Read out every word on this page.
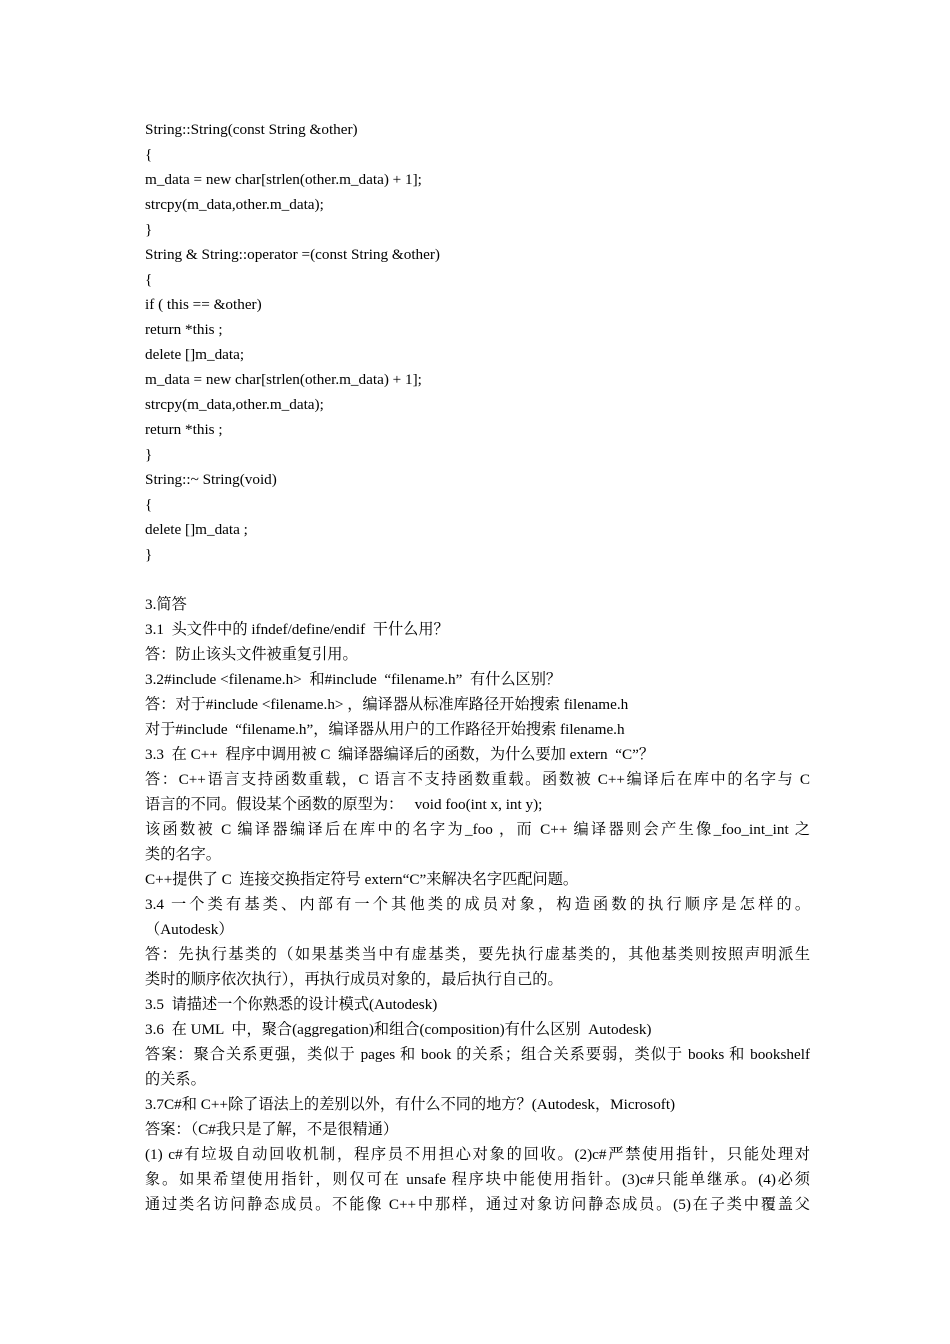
String::String(const String &other)
{
m_data = new char[strlen(other.m_data) + 1];
strcpy(m_data,other.m_data);
}
String & String::operator =(const String &other)
{
if ( this == &other)
return *this ;
delete []m_data;
m_data = new char[strlen(other.m_data) + 1];
strcpy(m_data,other.m_data);
return *this ;
}
String::~ String(void)
{
delete []m_data ;
}
3.简答
3.1  头文件中的 ifndef/define/endif  干什么用？
答：防止该头文件被重复引用。
3.2#include <filename.h>  和#include  “filename.h”  有什么区别？
答：对于#include <filename.h> ，编译器从标准库路径开始搜索 filename.h
对于#include  “filename.h”，编译器从用户的工作路径开始搜索 filename.h
3.3  在 C++  程序中调用被 C  编译器编译后的函数，为什么要加 extern  “C”？
答：C++语言支持函数重载，C 语言不支持函数重载。函数被 C++编译后在库中的名字与 C
语言的不同。假设某个函数的原型为：   void foo(int x, int y);
该函数被 C 编译器编译后在库中的名字为_foo ，而 C++ 编译器则会产生像_foo_int_int 之
类的名字。
C++提供了 C  连接交换指定符号 extern“C”来解决名字匹配问题。
3.4 一个类有基类、内部有一个其他类的成员对象，构造函数的执行顺序是怎样的。
（Autodesk）
答：先执行基类的（如果基类当中有虚基类，要先执行虚基类的，其他基类则按照声明派生
类时的顺序依次执行），再执行成员对象的，最后执行自己的。
3.5  请描述一个你熟悉的设计模式(Autodesk)
3.6  在 UML  中，聚合(aggregation)和组合(composition)有什么区别  Autodesk)
答案：聚合关系更强，类似于 pages 和 book 的关系；组合关系要弱，类似于 books 和 bookshelf
的关系。
3.7C#和 C++除了语法上的差别以外，有什么不同的地方？(Autodesk，Microsoft)
答案：（C#我只是了解，不是很精通）
(1) c#有垃圾自动回收机制，程序员不用担心对象的回收。(2)c#严禁使用指针，只能处理对
象。如果希望使用指针，则仅可在 unsafe 程序块中能使用指针。(3)c#只能单继承。(4)必须
通过类名访问静态成员。不能像 C++中那样，通过对象访问静态成员。(5)在子类中覆盖父
